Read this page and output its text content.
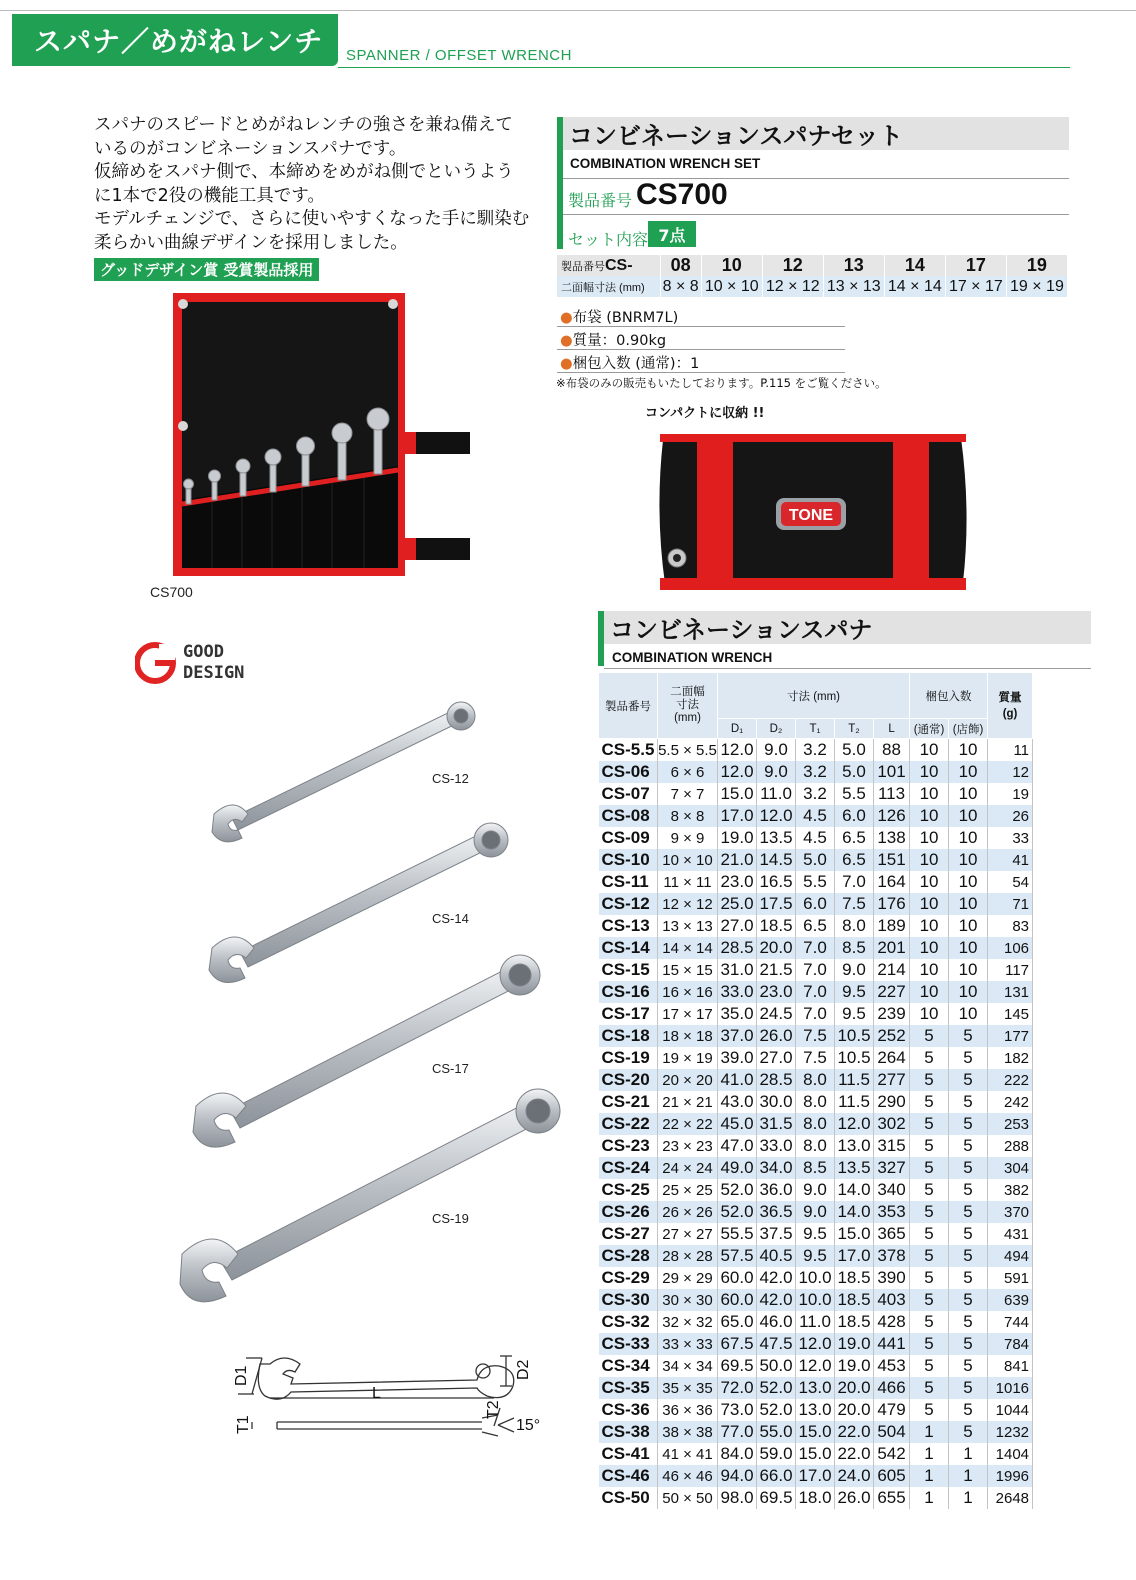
スパナ／めがねレンチ	SPANNER / OFFSET WRENCH

スパナのスピードとめがねレンチの強さを兼ね備えて

いるのがコンビネーションスパナです。

仮締めをスパナ側で、本締めをめがね側でというよう

に1本で2役の機能工具です。

モデルチェンジで、さらに使いやすくなった手に馴染む

柔らかい曲線デザインを採用しました。

グッドデザイン賞 受賞製品採用
CS700
GOOD
DESIGN
CS-12
CS-14
CS-17
CS-19
D1
L
D2
T2
T1	15°
コンビネーションスパナセット
COMBINATION WRENCH SET
製品番号 CS700
セット内容 7点
製品番号CS-	08	10	12	13	14	17	19
二面幅寸法 (mm)	8 × 8	10 × 10	12 × 12	13 × 13	14 × 14	17 × 17	19 × 19
●布袋 (BNRM7L)
●質量：0.90kg
●梱包入数 (通常)：1
※布袋のみの販売もいたしております。P.115 をご覧ください。
コンパクトに収納 !!
TONE
コンビネーションスパナ
COMBINATION WRENCH
製品番号	二面幅
寸法
(mm)	寸法 (mm)					梱包入数		質量
(g)
		D₁	D₂	T₁	T₂	L	(通常)	(店飾)	
CS-5.5	5.5 × 5.5	12.0	9.0	3.2	5.0	88	10	10	11
CS-06	6 × 6	12.0	9.0	3.2	5.0	101	10	10	12
CS-07	7 × 7	15.0	11.0	3.2	5.5	113	10	10	19
CS-08	8 × 8	17.0	12.0	4.5	6.0	126	10	10	26
CS-09	9 × 9	19.0	13.5	4.5	6.5	138	10	10	33
CS-10	10 × 10	21.0	14.5	5.0	6.5	151	10	10	41
CS-11	11 × 11	23.0	16.5	5.5	7.0	164	10	10	54
CS-12	12 × 12	25.0	17.5	6.0	7.5	176	10	10	71
CS-13	13 × 13	27.0	18.5	6.5	8.0	189	10	10	83
CS-14	14 × 14	28.5	20.0	7.0	8.5	201	10	10	106
CS-15	15 × 15	31.0	21.5	7.0	9.0	214	10	10	117
CS-16	16 × 16	33.0	23.0	7.0	9.5	227	10	10	131
CS-17	17 × 17	35.0	24.5	7.0	9.5	239	10	10	145
CS-18	18 × 18	37.0	26.0	7.5	10.5	252	5	5	177
CS-19	19 × 19	39.0	27.0	7.5	10.5	264	5	5	182
CS-20	20 × 20	41.0	28.5	8.0	11.5	277	5	5	222
CS-21	21 × 21	43.0	30.0	8.0	11.5	290	5	5	242
CS-22	22 × 22	45.0	31.5	8.0	12.0	302	5	5	253
CS-23	23 × 23	47.0	33.0	8.0	13.0	315	5	5	288
CS-24	24 × 24	49.0	34.0	8.5	13.5	327	5	5	304
CS-25	25 × 25	52.0	36.0	9.0	14.0	340	5	5	382
CS-26	26 × 26	52.0	36.5	9.0	14.0	353	5	5	370
CS-27	27 × 27	55.5	37.5	9.5	15.0	365	5	5	431
CS-28	28 × 28	57.5	40.5	9.5	17.0	378	5	5	494
CS-29	29 × 29	60.0	42.0	10.0	18.5	390	5	5	591
CS-30	30 × 30	60.0	42.0	10.0	18.5	403	5	5	639
CS-32	32 × 32	65.0	46.0	11.0	18.5	428	5	5	744
CS-33	33 × 33	67.5	47.5	12.0	19.0	441	5	5	784
CS-34	34 × 34	69.5	50.0	12.0	19.0	453	5	5	841
CS-35	35 × 35	72.0	52.0	13.0	20.0	466	5	5	1016
CS-36	36 × 36	73.0	52.0	13.0	20.0	479	5	5	1044
CS-38	38 × 38	77.0	55.0	15.0	22.0	504	1	5	1232
CS-41	41 × 41	84.0	59.0	15.0	22.0	542	1	1	1404
CS-46	46 × 46	94.0	66.0	17.0	24.0	605	1	1	1996
CS-50	50 × 50	98.0	69.5	18.0	26.0	655	1	1	2648
